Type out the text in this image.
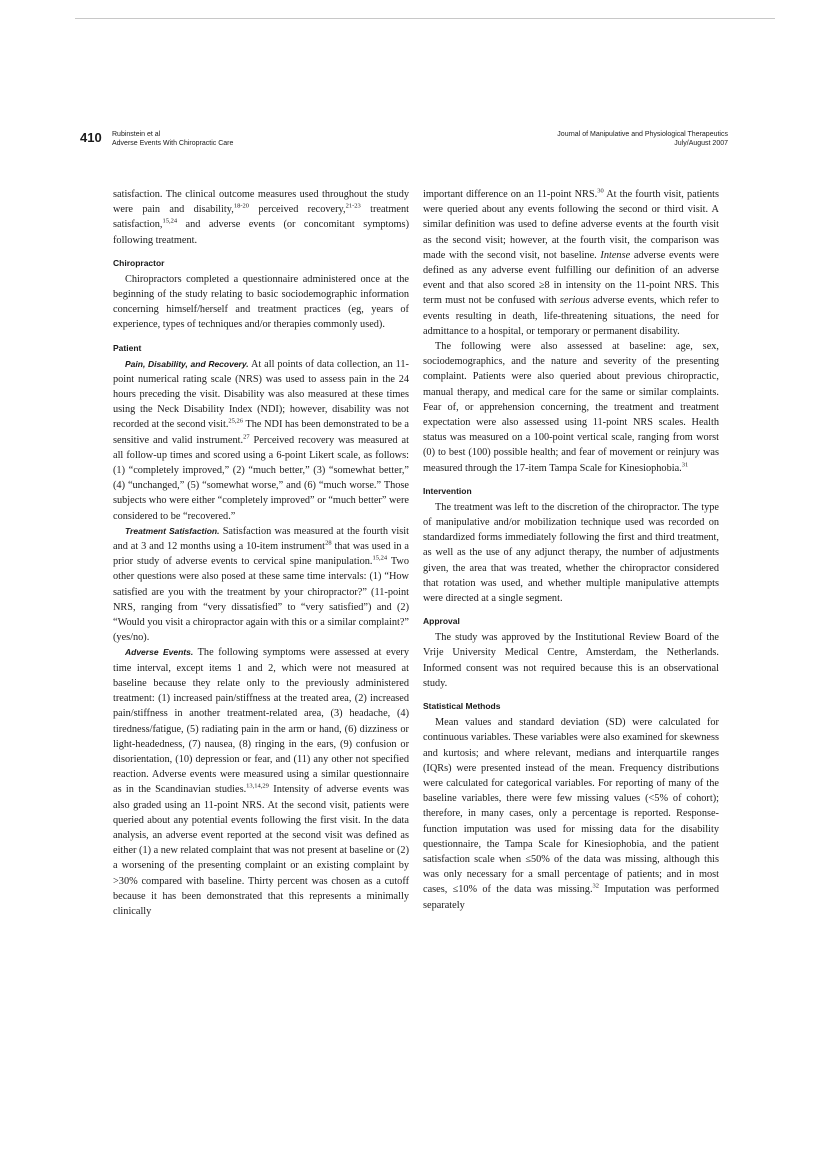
410 Rubinstein et al
Adverse Events With Chiropractic Care
Journal of Manipulative and Physiological Therapeutics
July/August 2007

satisfaction. The clinical outcome measures used throughout the study were pain and disability,$^{18-20}$ perceived recovery,$^{21-23}$ treatment satisfaction,$^{15,24}$ and adverse events (or concomitant symptoms) following treatment.

Chiropractor

Chiropractors completed a questionnaire administered once at the beginning of the study relating to basic sociodemographic information concerning himself/herself and treatment practices (eg, years of experience, types of techniques and/or therapies commonly used).

Patient

Pain, Disability, and Recovery. At all points of data collection, an 11-point numerical rating scale (NRS) was used to assess pain in the 24 hours preceding the visit. Disability was also measured at these times using the Neck Disability Index (NDI); however, disability was not recorded at the second visit.$^{25,26}$ The NDI has been demonstrated to be a sensitive and valid instrument.$^{27}$ Perceived recovery was measured at all follow-up times and scored using a 6-point Likert scale, as follows: (1) “completely improved,” (2) “much better,” (3) “somewhat better,” (4) “unchanged,” (5) “somewhat worse,” and (6) “much worse.” Those subjects who were either “completely improved” or “much better” were considered to be “recovered.”

Treatment Satisfaction. Satisfaction was measured at the fourth visit and at 3 and 12 months using a 10-item instrument$^{28}$ that was used in a prior study of adverse events to cervical spine manipulation.$^{15,24}$ Two other questions were also posed at these same time intervals: (1) “How satisfied are you with the treatment by your chiropractor?” (11-point NRS, ranging from “very dissatisfied” to “very satisfied”) and (2) “Would you visit a chiropractor again with this or a similar complaint?” (yes/no).

Adverse Events. The following symptoms were assessed at every time interval, except items 1 and 2, which were not measured at baseline because they relate only to the previously administered treatment: (1) increased pain/stiffness at the treated area, (2) increased pain/stiffness in another treatment-related area, (3) headache, (4) tiredness/fatigue, (5) radiating pain in the arm or hand, (6) dizziness or light-headedness, (7) nausea, (8) ringing in the ears, (9) confusion or disorientation, (10) depression or fear, and (11) any other not specified reaction. Adverse events were measured using a similar questionnaire as in the Scandinavian studies.$^{13,14,29}$ Intensity of adverse events was also graded using an 11-point NRS. At the second visit, patients were queried about any potential events following the first visit. In the data analysis, an adverse event reported at the second visit was defined as either (1) a new related complaint that was not present at baseline or (2) a worsening of the presenting complaint or an existing complaint by >30% compared with baseline. Thirty percent was chosen as a cutoff because it has been demonstrated that this represents a minimally clinically

important difference on an 11-point NRS.$^{30}$ At the fourth visit, patients were queried about any events following the second or third visit. A similar definition was used to define adverse events at the fourth visit as the second visit; however, at the fourth visit, the comparison was made with the second visit, not baseline. Intense adverse events were defined as any adverse event fulfilling our definition of an adverse event and that also scored ≥8 in intensity on the 11-point NRS. This term must not be confused with serious adverse events, which refer to events resulting in death, life-threatening situations, the need for admittance to a hospital, or temporary or permanent disability.

The following were also assessed at baseline: age, sex, sociodemographics, and the nature and severity of the presenting complaint. Patients were also queried about previous chiropractic, manual therapy, and medical care for the same or similar complaints. Fear of, or apprehension concerning, the treatment and treatment expectation were also assessed using 11-point NRS scales. Health status was measured on a 100-point vertical scale, ranging from worst (0) to best (100) possible health; and fear of movement or reinjury was measured through the 17-item Tampa Scale for Kinesiophobia.$^{31}$

Intervention

The treatment was left to the discretion of the chiropractor. The type of manipulative and/or mobilization technique used was recorded on standardized forms immediately following the first and third treatment, as well as the use of any adjunct therapy, the number of adjustments given, the area that was treated, whether the chiropractor considered that rotation was used, and whether multiple manipulative attempts were directed at a single segment.

Approval

The study was approved by the Institutional Review Board of the Vrije University Medical Centre, Amsterdam, the Netherlands. Informed consent was not required because this is an observational study.

Statistical Methods

Mean values and standard deviation (SD) were calculated for continuous variables. These variables were also examined for skewness and kurtosis; and where relevant, medians and interquartile ranges (IQRs) were presented instead of the mean. Frequency distributions were calculated for categorical variables. For reporting of many of the baseline variables, there were few missing values (<5% of cohort); therefore, in many cases, only a percentage is reported. Response-function imputation was used for missing data for the disability questionnaire, the Tampa Scale for Kinesiophobia, and the patient satisfaction scale when ≤50% of the data was missing, although this was only necessary for a small percentage of patients; and in most cases, ≤10% of the data was missing.$^{32}$ Imputation was performed separately
